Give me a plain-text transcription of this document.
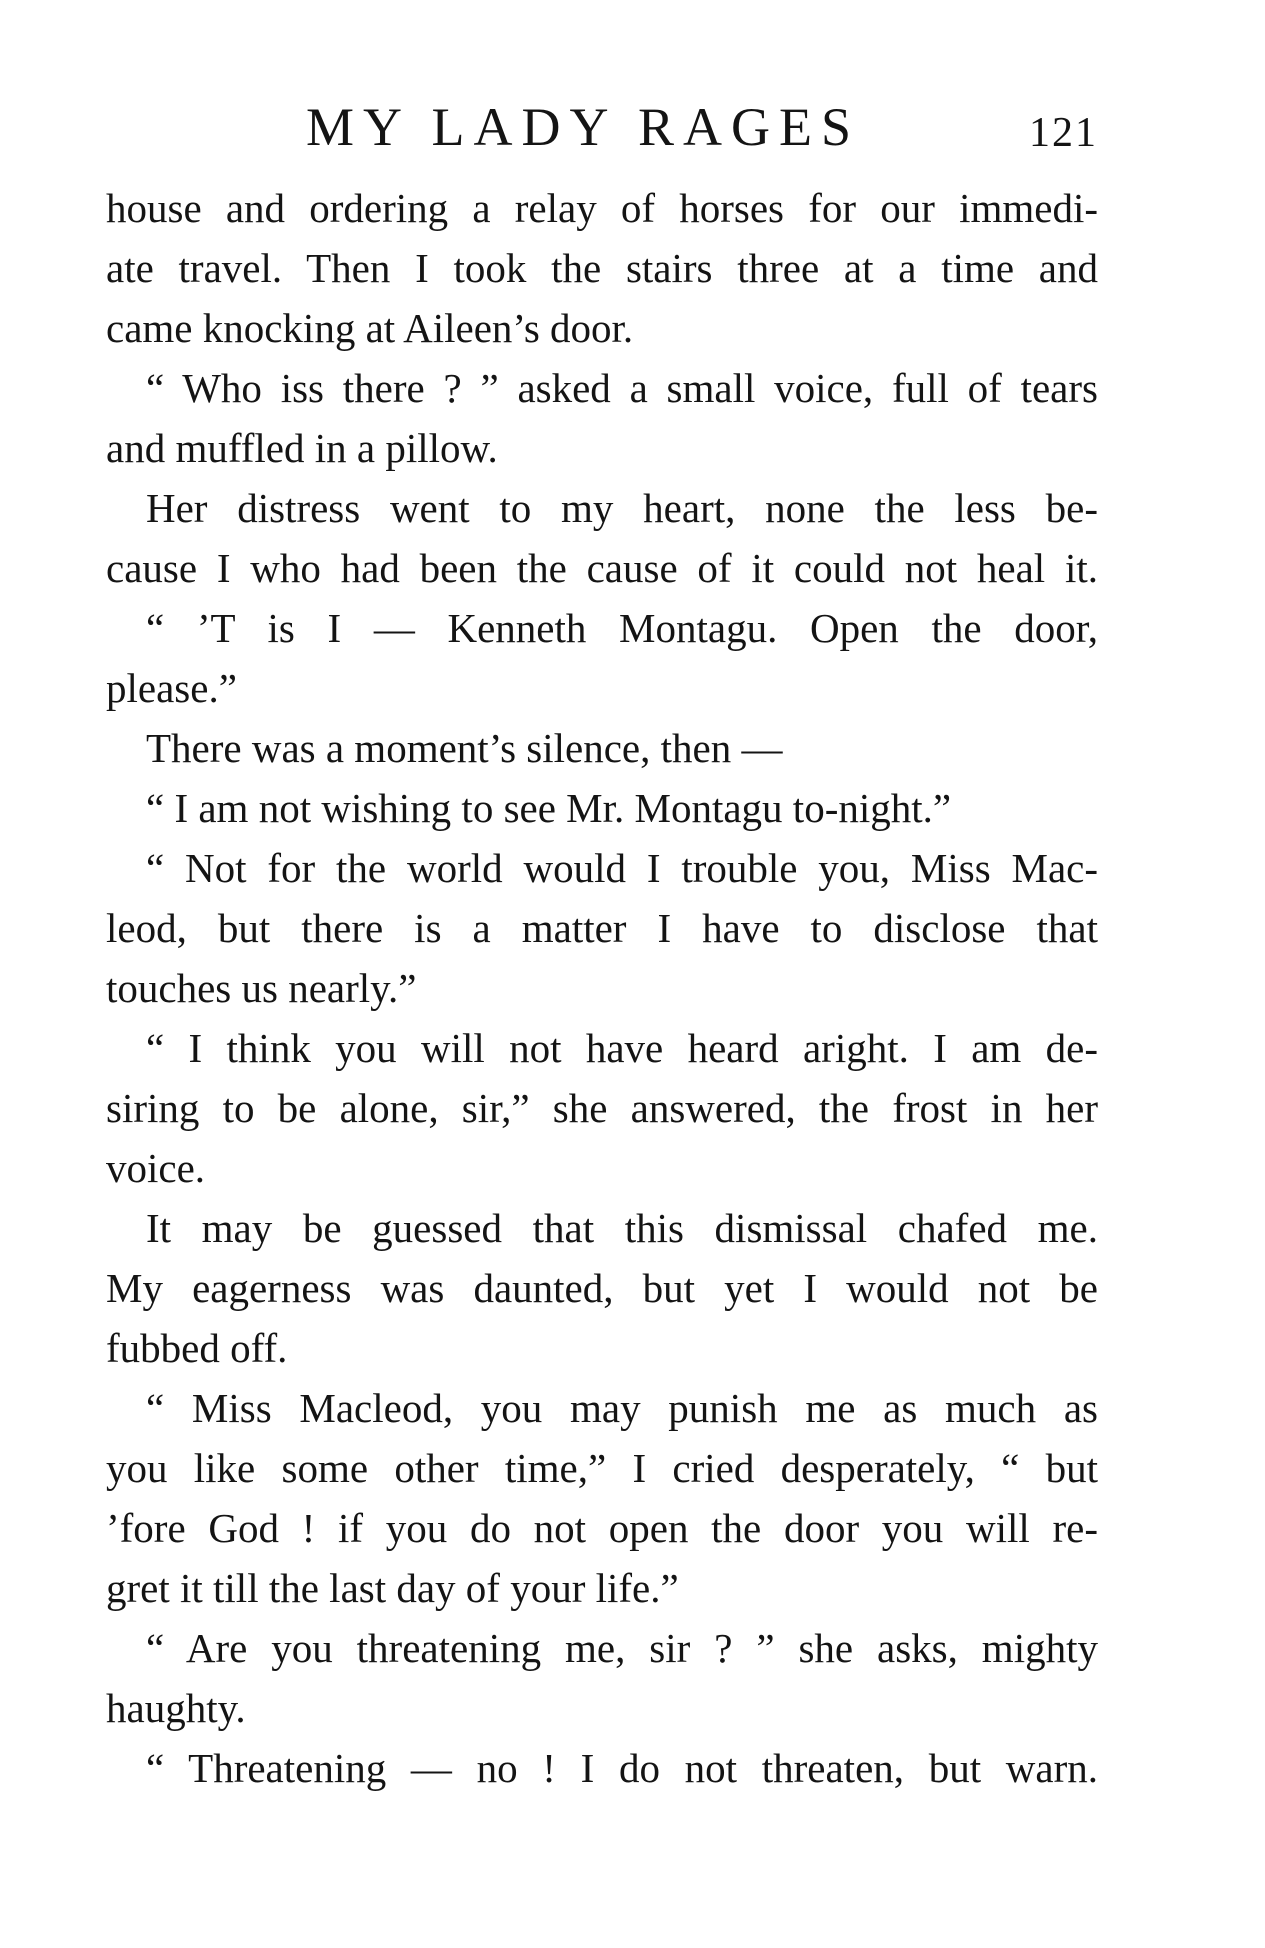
MY LADY RAGES	121
house and ordering a relay of horses for our immedi-
ate travel. Then I took the stairs three at a time and
came knocking at Aileen’s door.
“ Who iss there ? ” asked a small voice, full of tears
and muffled in a pillow.
Her distress went to my heart, none the less be-
cause I who had been the cause of it could not heal it.
“ ’T is I — Kenneth Montagu. Open the door,
please.”
There was a moment’s silence, then —
“ I am not wishing to see Mr. Montagu to-night.”
“ Not for the world would I trouble you, Miss Mac-
leod, but there is a matter I have to disclose that
touches us nearly.”
“ I think you will not have heard aright. I am de-
siring to be alone, sir,” she answered, the frost in her
voice.
It may be guessed that this dismissal chafed me.
My eagerness was daunted, but yet I would not be
fubbed off.
“ Miss Macleod, you may punish me as much as
you like some other time,” I cried desperately, “ but
’fore God ! if you do not open the door you will re-
gret it till the last day of your life.”
“ Are you threatening me, sir ? ” she asks, mighty
haughty.
“ Threatening — no ! I do not threaten, but warn.
